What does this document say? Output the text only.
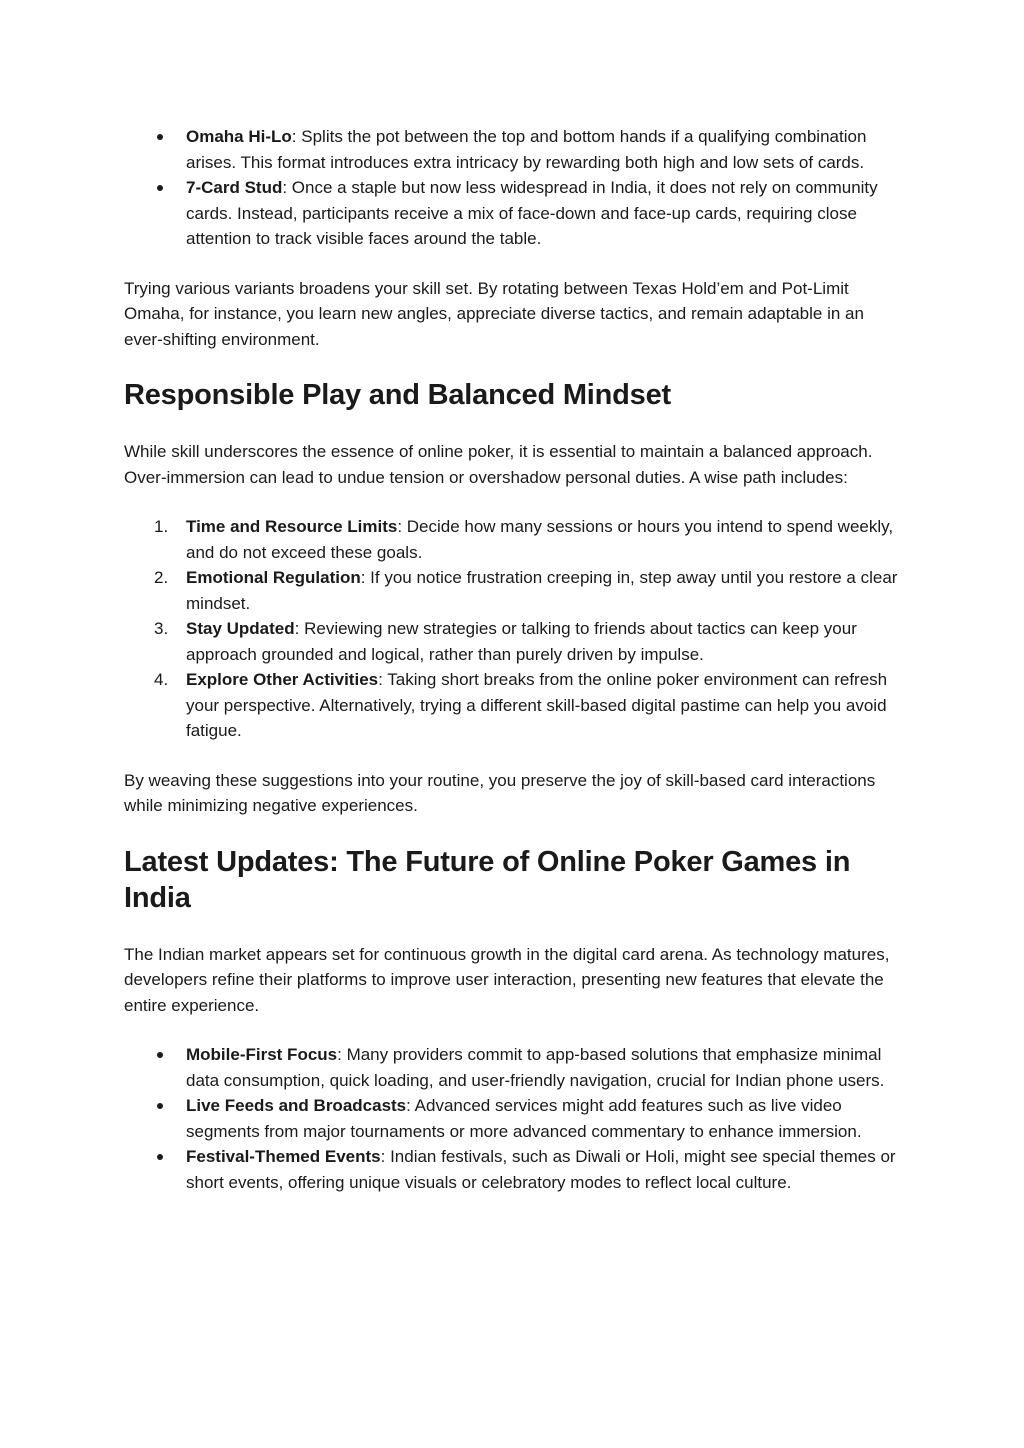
Omaha Hi-Lo: Splits the pot between the top and bottom hands if a qualifying combination arises. This format introduces extra intricacy by rewarding both high and low sets of cards.
7-Card Stud: Once a staple but now less widespread in India, it does not rely on community cards. Instead, participants receive a mix of face-down and face-up cards, requiring close attention to track visible faces around the table.

Trying various variants broadens your skill set. By rotating between Texas Hold’em and Pot-Limit Omaha, for instance, you learn new angles, appreciate diverse tactics, and remain adaptable in an ever-shifting environment.

Responsible Play and Balanced Mindset

While skill underscores the essence of online poker, it is essential to maintain a balanced approach. Over-immersion can lead to undue tension or overshadow personal duties. A wise path includes:

1.	Time and Resource Limits: Decide how many sessions or hours you intend to spend weekly, and do not exceed these goals.
2.	Emotional Regulation: If you notice frustration creeping in, step away until you restore a clear mindset.
3.	Stay Updated: Reviewing new strategies or talking to friends about tactics can keep your approach grounded and logical, rather than purely driven by impulse.
4.	Explore Other Activities: Taking short breaks from the online poker environment can refresh your perspective. Alternatively, trying a different skill-based digital pastime can help you avoid fatigue.

By weaving these suggestions into your routine, you preserve the joy of skill-based card interactions while minimizing negative experiences.

Latest Updates: The Future of Online Poker Games in India

The Indian market appears set for continuous growth in the digital card arena. As technology matures, developers refine their platforms to improve user interaction, presenting new features that elevate the entire experience.

Mobile-First Focus: Many providers commit to app-based solutions that emphasize minimal data consumption, quick loading, and user-friendly navigation, crucial for Indian phone users.
Live Feeds and Broadcasts: Advanced services might add features such as live video segments from major tournaments or more advanced commentary to enhance immersion.
Festival-Themed Events: Indian festivals, such as Diwali or Holi, might see special themes or short events, offering unique visuals or celebratory modes to reflect local culture.
